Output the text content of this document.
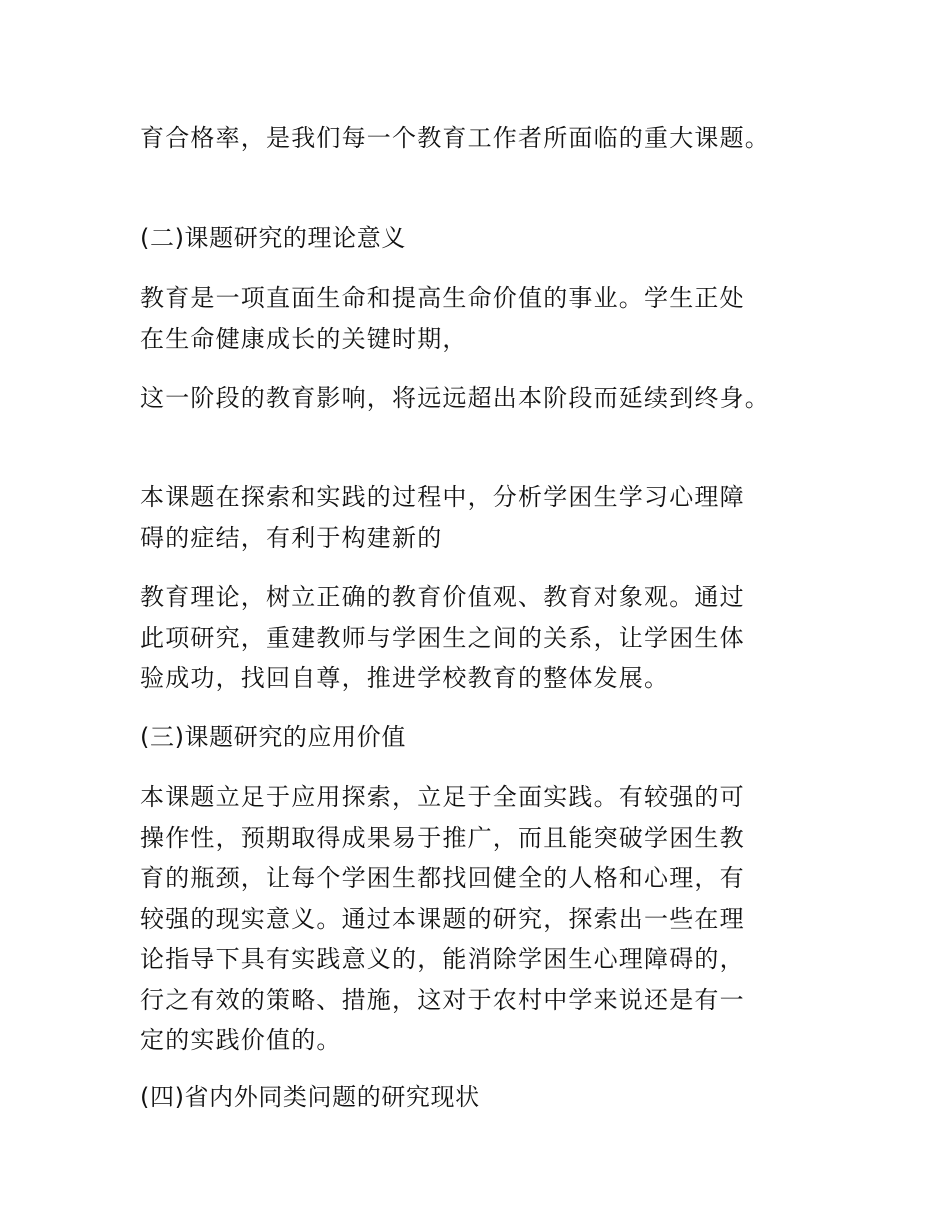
育合格率，是我们每一个教育工作者所面临的重大课题。

(二)课题研究的理论意义

教育是一项直面生命和提高生命价值的事业。学生正处
在生命健康成长的关键时期，

这一阶段的教育影响，将远远超出本阶段而延续到终身。

本课题在探索和实践的过程中，分析学困生学习心理障
碍的症结，有利于构建新的

教育理论，树立正确的教育价值观、教育对象观。通过
此项研究，重建教师与学困生之间的关系，让学困生体
验成功，找回自尊，推进学校教育的整体发展。

(三)课题研究的应用价值

本课题立足于应用探索，立足于全面实践。有较强的可
操作性，预期取得成果易于推广，而且能突破学困生教
育的瓶颈，让每个学困生都找回健全的人格和心理，有
较强的现实意义。通过本课题的研究，探索出一些在理
论指导下具有实践意义的，能消除学困生心理障碍的，
行之有效的策略、措施，这对于农村中学来说还是有一
定的实践价值的。

(四)省内外同类问题的研究现状
